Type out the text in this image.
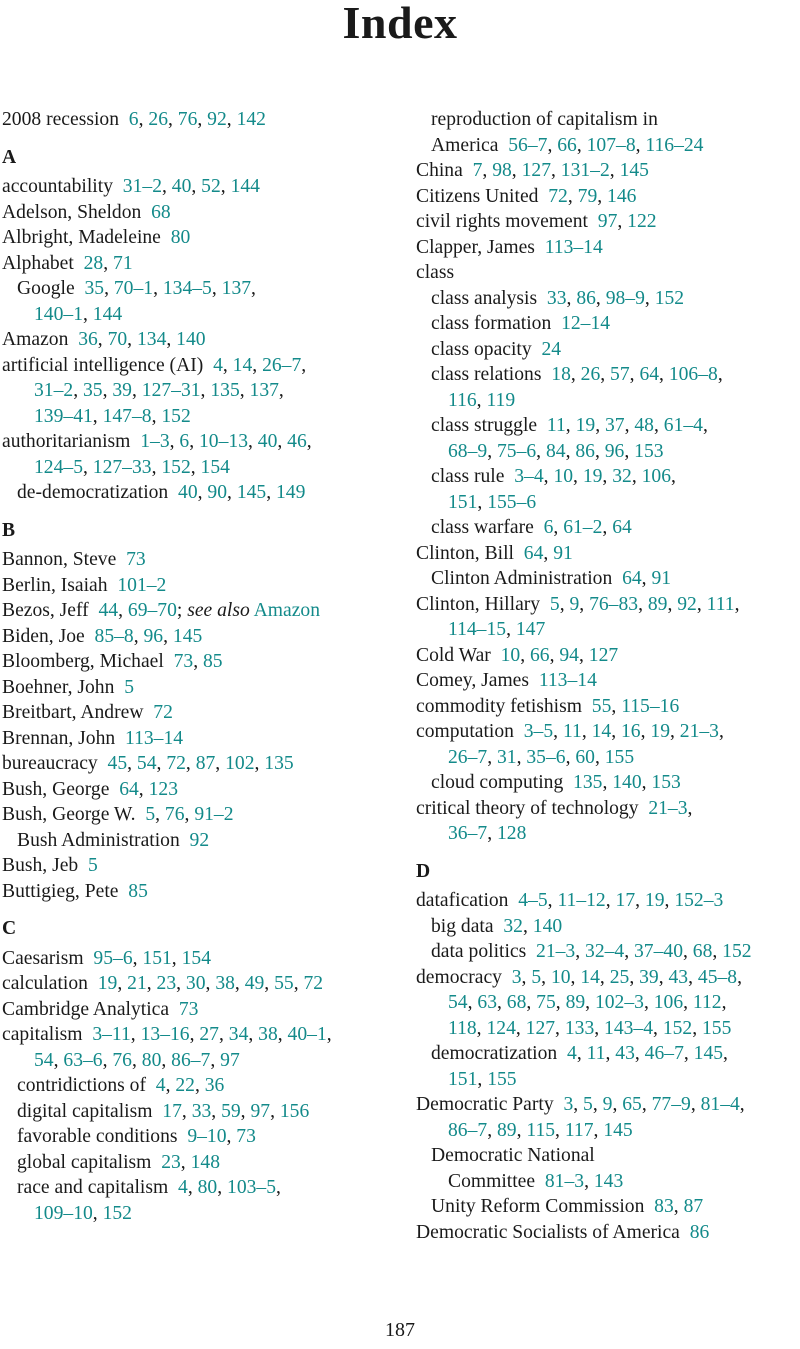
Index
2008 recession  6, 26, 76, 92, 142
A
accountability  31–2, 40, 52, 144
Adelson, Sheldon  68
Albright, Madeleine  80
Alphabet  28, 71
Google  35, 70–1, 134–5, 137,
140–1, 144
Amazon  36, 70, 134, 140
artificial intelligence (AI)  4, 14, 26–7,
31–2, 35, 39, 127–31, 135, 137,
139–41, 147–8, 152
authoritarianism  1–3, 6, 10–13, 40, 46,
124–5, 127–33, 152, 154
de-democratization  40, 90, 145, 149
B
Bannon, Steve  73
Berlin, Isaiah  101–2
Bezos, Jeff  44, 69–70; see also Amazon
Biden, Joe  85–8, 96, 145
Bloomberg, Michael  73, 85
Boehner, John  5
Breitbart, Andrew  72
Brennan, John  113–14
bureaucracy  45, 54, 72, 87, 102, 135
Bush, George  64, 123
Bush, George W.  5, 76, 91–2
Bush Administration  92
Bush, Jeb  5
Buttigieg, Pete  85
C
Caesarism  95–6, 151, 154
calculation  19, 21, 23, 30, 38, 49, 55, 72
Cambridge Analytica  73
capitalism  3–11, 13–16, 27, 34, 38, 40–1,
54, 63–6, 76, 80, 86–7, 97
contridictions of  4, 22, 36
digital capitalism  17, 33, 59, 97, 156
favorable conditions  9–10, 73
global capitalism  23, 148
race and capitalism  4, 80, 103–5,
109–10, 152
reproduction of capitalism in
America  56–7, 66, 107–8, 116–24
China  7, 98, 127, 131–2, 145
Citizens United  72, 79, 146
civil rights movement  97, 122
Clapper, James  113–14
class
class analysis  33, 86, 98–9, 152
class formation  12–14
class opacity  24
class relations  18, 26, 57, 64, 106–8,
116, 119
class struggle  11, 19, 37, 48, 61–4,
68–9, 75–6, 84, 86, 96, 153
class rule  3–4, 10, 19, 32, 106,
151, 155–6
class warfare  6, 61–2, 64
Clinton, Bill  64, 91
Clinton Administration  64, 91
Clinton, Hillary  5, 9, 76–83, 89, 92, 111,
114–15, 147
Cold War  10, 66, 94, 127
Comey, James  113–14
commodity fetishism  55, 115–16
computation  3–5, 11, 14, 16, 19, 21–3,
26–7, 31, 35–6, 60, 155
cloud computing  135, 140, 153
critical theory of technology  21–3,
36–7, 128
D
datafication  4–5, 11–12, 17, 19, 152–3
big data  32, 140
data politics  21–3, 32–4, 37–40, 68, 152
democracy  3, 5, 10, 14, 25, 39, 43, 45–8,
54, 63, 68, 75, 89, 102–3, 106, 112,
118, 124, 127, 133, 143–4, 152, 155
democratization  4, 11, 43, 46–7, 145,
151, 155
Democratic Party  3, 5, 9, 65, 77–9, 81–4,
86–7, 89, 115, 117, 145
Democratic National
Committee  81–3, 143
Unity Reform Commission  83, 87
Democratic Socialists of America  86
187
